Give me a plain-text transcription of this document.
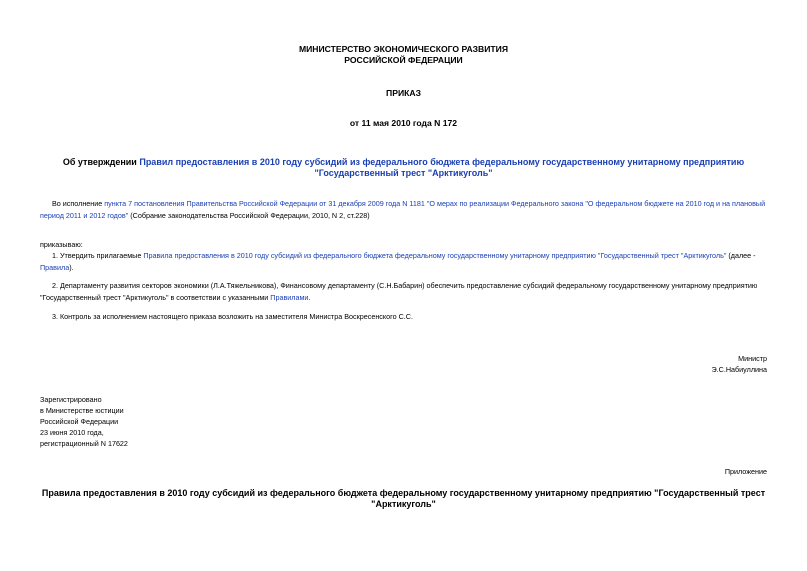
МИНИСТЕРСТВО ЭКОНОМИЧЕСКОГО РАЗВИТИЯ
РОССИЙСКОЙ ФЕДЕРАЦИИ
ПРИКАЗ
от 11 мая 2010 года N 172
Об утверждении Правил предоставления в 2010 году субсидий из федерального бюджета федеральному государственному унитарному предприятию
"Государственный трест "Арктикуголь"
Во исполнение пункта 7 постановления Правительства Российской Федерации от 31 декабря 2009 года N 1181 "О мерах по реализации Федерального закона "О федеральном бюджете на 2010 год и на плановый
период 2011 и 2012 годов" (Собрание законодательства Российской Федерации, 2010, N 2, ст.228)
приказываю:
1. Утвердить прилагаемые Правила предоставления в 2010 году субсидий из федерального бюджета федеральному государственному унитарному предприятию "Государственный трест "Арктикуголь" (далее -
Правила).
2. Департаменту развития секторов экономики (Л.А.Тяжельникова), Финансовому департаменту (С.Н.Бабарин) обеспечить предоставление субсидий федеральному государственному унитарному предприятию
"Государственный трест "Арктикуголь" в соответствии с указанными Правилами.
3. Контроль за исполнением настоящего приказа возложить на заместителя Министра Воскресенского С.С.
Министр
Э.С.Набиуллина
Зарегистрировано
в Министерстве юстиции
Российской Федерации
23 июня 2010 года,
регистрационный N 17622
Приложение
Правила предоставления в 2010 году субсидий из федерального бюджета федеральному государственному унитарному предприятию "Государственный трест
"Арктикуголь"
